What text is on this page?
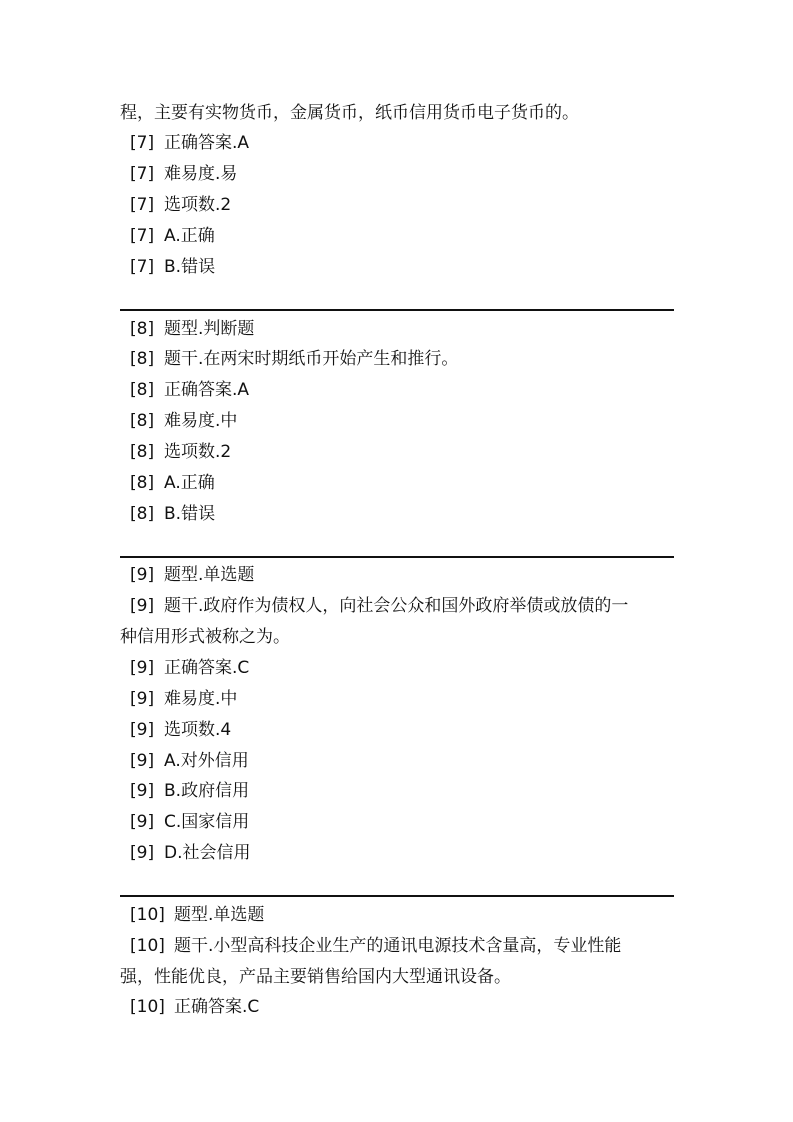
程，主要有实物货币，金属货币，纸币信用货币电子货币的。
[7] 正确答案.A
[7] 难易度.易
[7] 选项数.2
[7] A.正确
[7] B.错误
[8] 题型.判断题
[8] 题干.在两宋时期纸币开始产生和推行。
[8] 正确答案.A
[8] 难易度.中
[8] 选项数.2
[8] A.正确
[8] B.错误
[9] 题型.单选题
[9] 题干.政府作为债权人，向社会公众和国外政府举债或放债的一
种信用形式被称之为。
[9] 正确答案.C
[9] 难易度.中
[9] 选项数.4
[9] A.对外信用
[9] B.政府信用
[9] C.国家信用
[9] D.社会信用
[10] 题型.单选题
[10] 题干.小型高科技企业生产的通讯电源技术含量高，专业性能
强，性能优良，产品主要销售给国内大型通讯设备。
[10] 正确答案.C
